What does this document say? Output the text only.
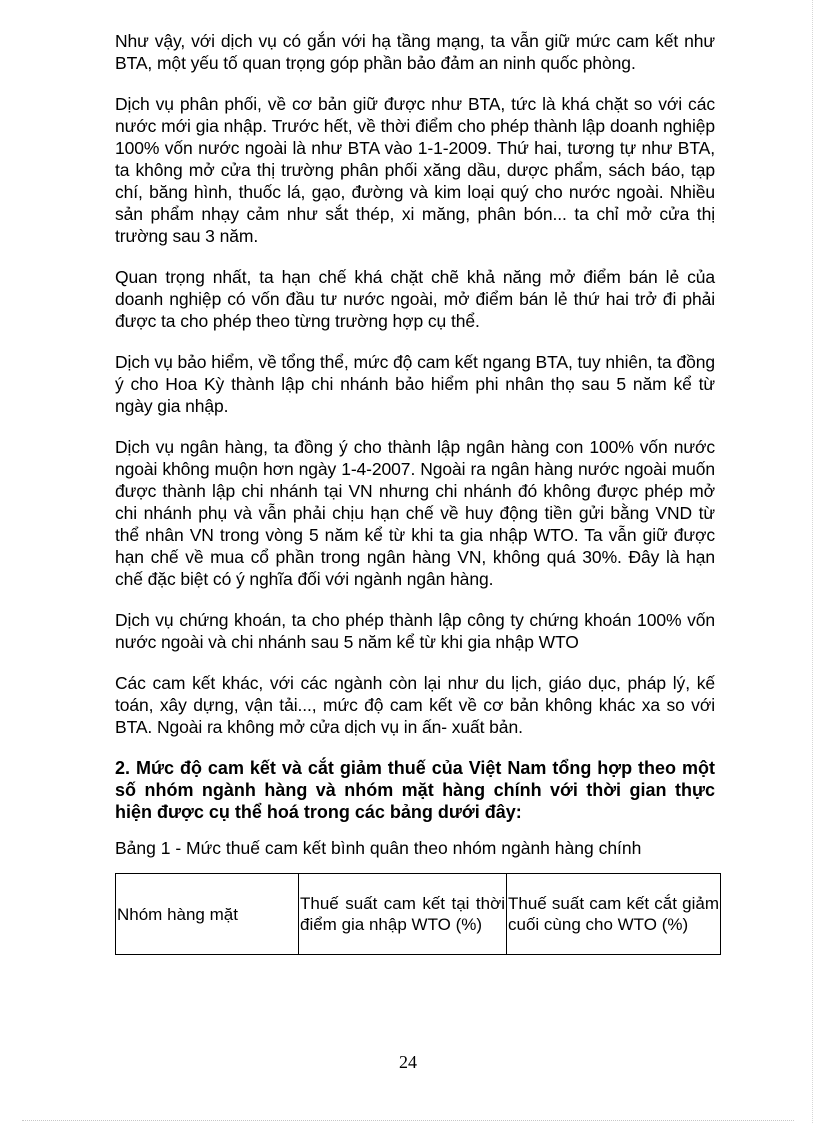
Như vậy, với dịch vụ có gắn với hạ tầng mạng, ta vẫn giữ mức cam kết như BTA, một yếu tố quan trọng góp phần bảo đảm an ninh quốc phòng.

Dịch vụ phân phối, về cơ bản giữ được như BTA, tức là khá chặt so với các nước mới gia nhập. Trước hết, về thời điểm cho phép thành lập doanh nghiệp 100% vốn nước ngoài là như BTA vào 1-1-2009. Thứ hai, tương tự như BTA, ta không mở cửa thị trường phân phối xăng dầu, dược phẩm, sách báo, tạp chí, băng hình, thuốc lá, gạo, đường và kim loại quý cho nước ngoài. Nhiều sản phẩm nhạy cảm như sắt thép, xi măng, phân bón... ta chỉ mở cửa thị trường sau 3 năm.

Quan trọng nhất, ta hạn chế khá chặt chẽ khả năng mở điểm bán lẻ của doanh nghiệp có vốn đầu tư nước ngoài, mở điểm bán lẻ thứ hai trở đi phải được ta cho phép theo từng trường hợp cụ thể.

Dịch vụ bảo hiểm, về tổng thể, mức độ cam kết ngang BTA, tuy nhiên, ta đồng ý cho Hoa Kỳ thành lập chi nhánh bảo hiểm phi nhân thọ sau 5 năm kể từ ngày gia nhập.

Dịch vụ ngân hàng, ta đồng ý cho thành lập ngân hàng con 100% vốn nước ngoài không muộn hơn ngày 1-4-2007. Ngoài ra ngân hàng nước ngoài muốn được thành lập chi nhánh tại VN nhưng chi nhánh đó không được phép mở chi nhánh phụ và vẫn phải chịu hạn chế về huy động tiền gửi bằng VND từ thể nhân VN trong vòng 5 năm kể từ khi ta gia nhập WTO. Ta vẫn giữ được hạn chế về mua cổ phần trong ngân hàng VN, không quá 30%. Đây là hạn chế đặc biệt có ý nghĩa đối với ngành ngân hàng.

Dịch vụ chứng khoán, ta cho phép thành lập công ty chứng khoán 100% vốn nước ngoài và chi nhánh sau 5 năm kể từ khi gia nhập WTO

Các cam kết khác, với các ngành còn lại như du lịch, giáo dục, pháp lý, kế toán, xây dựng, vận tải..., mức độ cam kết về cơ bản không khác xa so với BTA. Ngoài ra không mở cửa dịch vụ in ấn- xuất bản.

2. Mức độ cam kết và cắt giảm thuế của Việt Nam tổng hợp theo một số nhóm ngành hàng và nhóm mặt hàng chính với thời gian thực hiện được cụ thể hoá trong các bảng dưới đây:
Bảng 1 - Mức thuế cam kết bình quân theo nhóm ngành hàng chính
Nhóm hàng mặt	Thuế suất cam kết tại thời điểm gia nhập WTO (%)	Thuế suất cam kết cắt giảm cuối cùng cho WTO (%)
24
